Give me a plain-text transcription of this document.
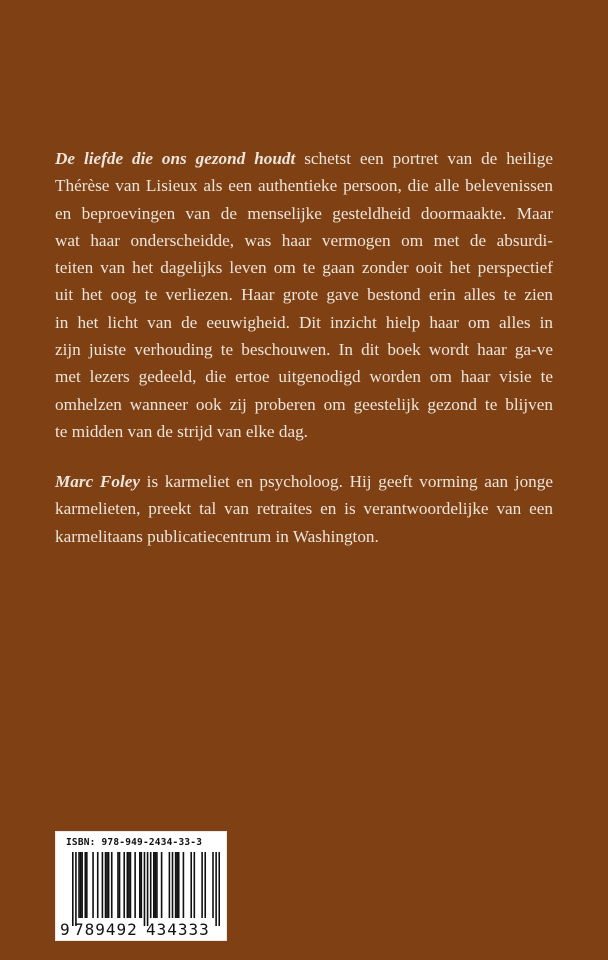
De liefde die ons gezond houdt schetst een portret van de heilige
Thérèse van Lisieux als een authentieke persoon, die alle belevenissen
en beproevingen van de menselijke gesteldheid doormaakte. Maar
wat haar onderscheidde, was haar vermogen om met de absurdi-
teiten van het dagelijks leven om te gaan zonder ooit het perspectief
uit het oog te verliezen. Haar grote gave bestond erin alles te zien
in het licht van de eeuwigheid. Dit inzicht hielp haar om alles in
zijn juiste verhouding te beschouwen. In dit boek wordt haar ga-ve
met lezers gedeeld, die ertoe uitgenodigd worden om haar visie te
omhelzen wanneer ook zij proberen om geestelijk gezond te blijven
te midden van de strijd van elke dag.
Marc Foley is karmeliet en psycholoog. Hij geeft vorming aan jonge
karmelieten, preekt tal van retraites en is verantwoordelijke van een
karmelitaans publicatiecentrum in Washington.
ISBN: 978-949-2434-33-3
9 789492 434333
